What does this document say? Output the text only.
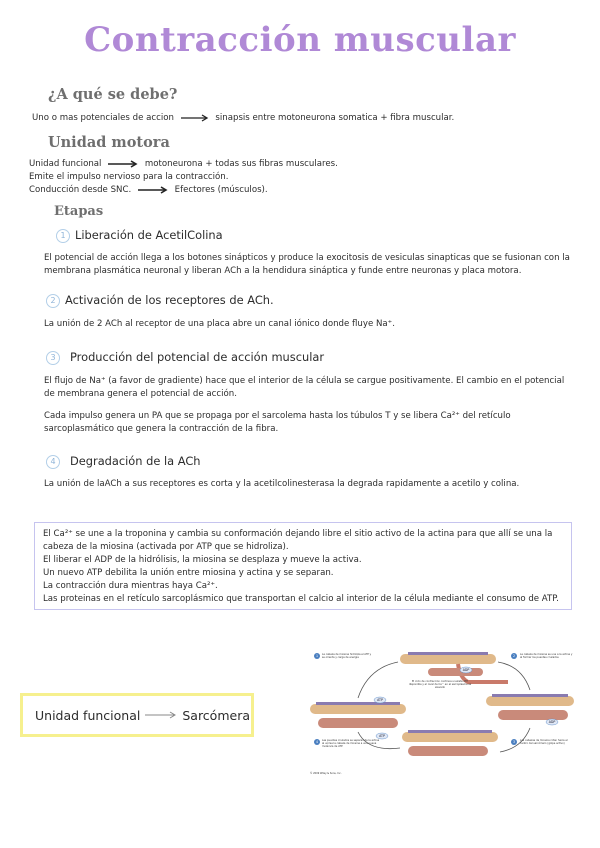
Contracción muscular
¿A qué se debe?
Uno o mas potenciales de accion	sinapsis entre motoneurona somatica + fibra muscular.
Unidad motora
Unidad funcional	motoneurona + todas sus fibras musculares.
Emite el impulso nervioso para la contracción.
Conducción desde SNC.	Efectores (músculos).
Etapas
1 Liberación de AcetilColina
El potencial de acción llega a los botones sinápticos y produce la exocitosis de vesiculas sinapticas que se fusionan con la membrana plasmática neuronal y liberan ACh a la hendidura sináptica y funde entre neuronas y placa motora.
2 Activación de los receptores de ACh.
La unión de 2 ACh al receptor de una placa abre un canal iónico donde fluye Na⁺.
3 Producción del potencial de acción muscular
El flujo de Na⁺ (a favor de gradiente) hace que el interior de la célula se cargue positivamente. El cambio en el potencial de membrana genera el potencial de acción.
Cada impulso genera un PA que se propaga por el sarcolema hasta los túbulos T y se libera Ca²⁺ del retículo sarcoplasmático que genera la contracción de la fibra.
4 Degradación de la ACh
La unión de laACh a sus receptores es corta y la acetilcolinesterasa la degrada rapidamente a acetilo y colina.
El Ca²⁺ se une a la troponina y cambia su conformación dejando libre el sitio activo de la actina para que allí se una la cabeza de la miosina (activada por ATP que se hidroliza).
El liberar el ADP de la hidrólisis, la miosina se desplaza y mueve la activa.
Un nuevo ATP debilita la unión entre miosina y actina y se separan.
La contracción dura mientras haya Ca²⁺.
Las proteinas en el retículo sarcoplásmico que transportan el calcio al interior de la célula mediante el consumo de ATP.
Unidad funcional	Sarcómera
1	2
3
4
ATP
ADP
ADP
ATP
La cabeza de miosina hidroliza el ATP y se orienta y carga de energía
La cabeza de miosina se une a la actina y al formar los puentes cruzados
Las cabezas de miosina rotan hacia el centro del sarcómero (golpe activo)
Las puentes cruzados se separan de la actina al unirse la cabeza de miosina a una nueva molécula de ATP
El ciclo de contracción continúa si existe ATP disponible y el nivel de Ca²⁺ en el sarcoplasma es elevado
© 2009 Wiley & Sons, Inc.
